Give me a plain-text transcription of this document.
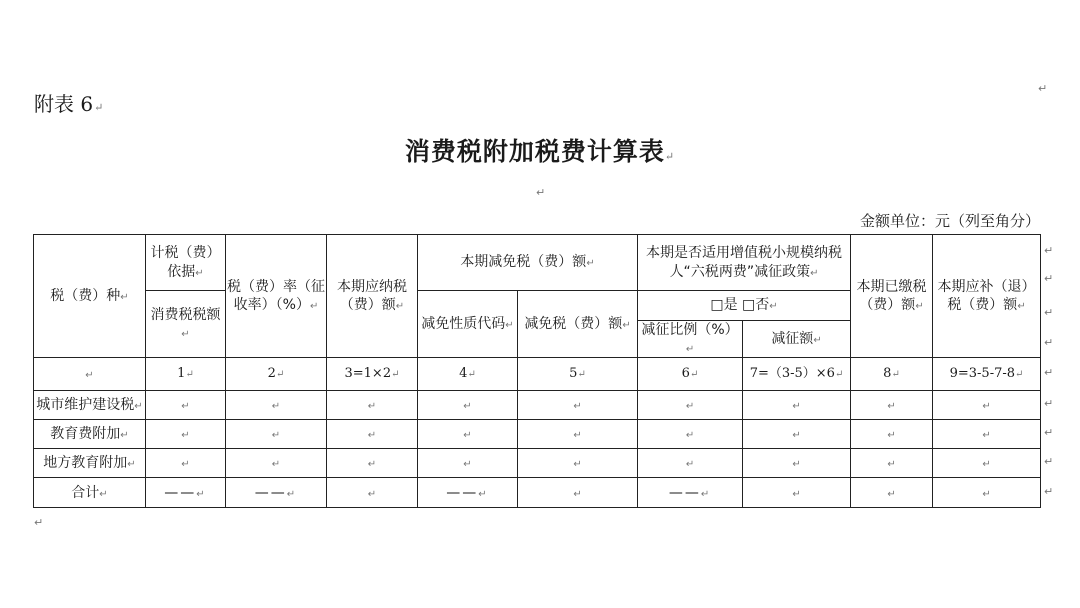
附表 6↵
消费税附加税费计算表↵
↵
↵
金额单位：元（列至角分）
税（费）种↵	计税（费）依据↵	税（费）率（征收率）（%）↵	本期应纳税（费）额↵	本期减免税（费）额↵		本期是否适用增值税小规模纳税人“六税两费”减征政策↵		本期已缴税（费）额↵	本期应补（退）税（费）额↵
	消费税税额↵			减免性质代码↵	减免税（费）额↵	□是 □否↵			
						减征比例（%）↵	减征额↵		
↵	1↵	2↵	3=1×2↵	4↵	5↵	6↵	7=（3-5）×6↵	8↵	9=3-5-7-8↵
城市维护建设税↵	↵	↵	↵	↵	↵	↵	↵	↵	↵
教育费附加↵	↵	↵	↵	↵	↵	↵	↵	↵	↵
地方教育附加↵	↵	↵	↵	↵	↵	↵	↵	↵	↵
合计↵	——↵	——↵	↵	——↵	↵	——↵	↵	↵	↵
↵
↵
↵
↵
↵
↵
↵
↵
↵
↵
